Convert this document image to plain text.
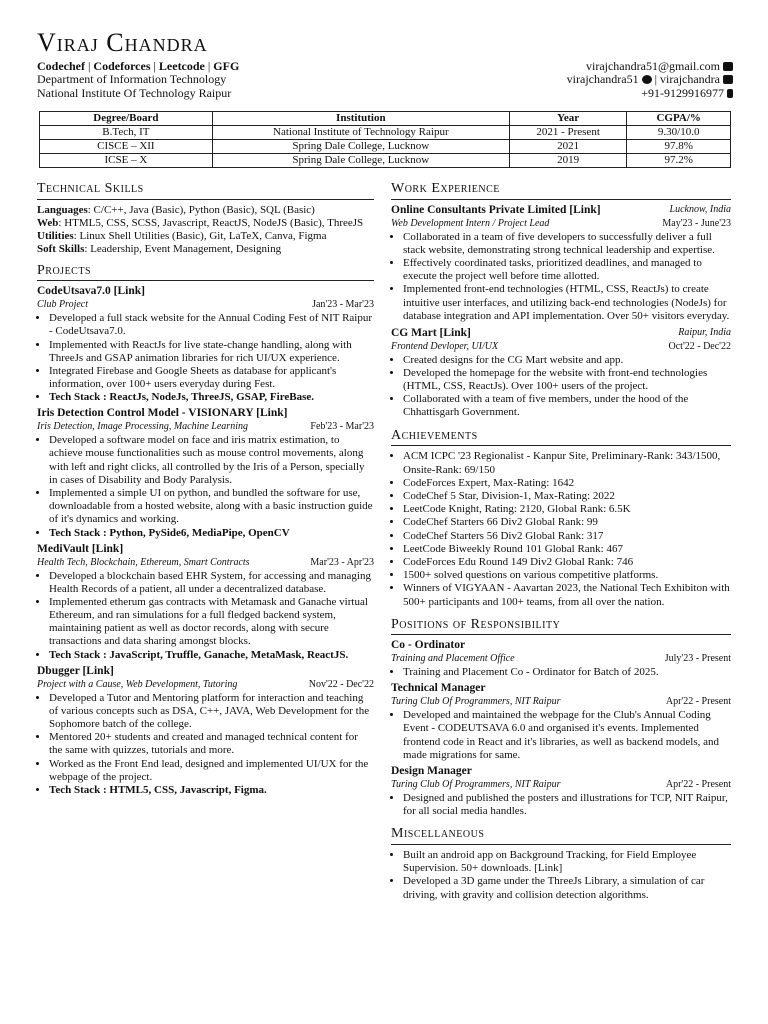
Viraj Chandra
Codechef | Codeforces | Leetcode | GFG
Department of Information Technology
National Institute Of Technology Raipur
virajchandra51@gmail.com
virajchandra51 | virajchandra
+91-9129916977
Degree/Board	Institution	Year	CGPA/%
B.Tech, IT	National Institute of Technology Raipur	2021 - Present	9.30/10.0
CISCE – XII	Spring Dale College, Lucknow	2021	97.8%
ICSE – X	Spring Dale College, Lucknow	2019	97.2%
Technical Skills

Languages: C/C++, Java (Basic), Python (Basic), SQL (Basic)

Web: HTML5, CSS, SCSS, Javascript, ReactJS, NodeJS (Basic), ThreeJS

Utilities: Linux Shell Utilities (Basic), Git, LaTeX, Canva, Figma

Soft Skills: Leadership, Event Management, Designing

Projects
CodeUtsava7.0 [Link]
Club Project	Jan'23 - Mar'23
• Developed a full stack website for the Annual Coding Fest of NIT Raipur - CodeUtsava7.0.
• Implemented with ReactJs for live state-change handling, along with ThreeJs and GSAP animation libraries for rich UI/UX experience.
• Integrated Firebase and Google Sheets as database for applicant's information, over 100+ users everyday during Fest.
• Tech Stack : ReactJs, NodeJs, ThreeJS, GSAP, FireBase.
Iris Detection Control Model - VISIONARY [Link]
Iris Detection, Image Processing, Machine Learning	Feb'23 - Mar'23
• Developed a software model on face and iris matrix estimation, to achieve mouse functionalities such as mouse control movements, along with left and right clicks, all controlled by the Iris of a Person, specially in cases of Disability and Body Paralysis.
• Implemented a simple UI on python, and bundled the software for use, downloadable from a hosted website, along with a basic instruction guide of it's dynamics and working.
• Tech Stack : Python, PySide6, MediaPipe, OpenCV
MediVault [Link]
Health Tech, Blockchain, Ethereum, Smart Contracts	Mar'23 - Apr'23
• Developed a blockchain based EHR System, for accessing and managing Health Records of a patient, all under a decentralized database.
• Implemented etherum gas contracts with Metamask and Ganache virtual Ethereum, and ran simulations for a full fledged backend system, maintaining patient as well as doctor records, along with secure transactions and data sharing amongst blocks.
• Tech Stack : JavaScript, Truffle, Ganache, MetaMask, ReactJS.
Dbugger [Link]
Project with a Cause, Web Development, Tutoring	Nov'22 - Dec'22
• Developed a Tutor and Mentoring platform for interaction and teaching of various concepts such as DSA, C++, JAVA, Web Development for the Sophomore batch of the college.
• Mentored 20+ students and created and managed technical content for the same with quizzes, tutorials and more.
• Worked as the Front End lead, designed and implemented UI/UX for the webpage of the project.
• Tech Stack : HTML5, CSS, Javascript, Figma.
Work Experience
Online Consultants Private Limited [Link]	Lucknow, India
Web Development Intern / Project Lead	May'23 - June'23
• Collaborated in a team of five developers to successfully deliver a full stack website, demonstrating strong technical leadership and expertise.
• Effectively coordinated tasks, prioritized deadlines, and managed to execute the project well before time allotted.
• Implemented front-end technologies (HTML, CSS, ReactJs) to create intuitive user interfaces, and utilizing back-end technologies (NodeJs) for database integration and API implementation. Over 50+ visitors everyday.
CG Mart [Link]	Raipur, India
Frontend Devloper, UI/UX	Oct'22 - Dec'22
• Created designs for the CG Mart website and app.
• Developed the homepage for the website with front-end technologies (HTML, CSS, ReactJs). Over 100+ users of the project.
• Collaborated with a team of five members, under the hood of the Chhattisgarh Government.
Achievements
• ACM ICPC '23 Regionalist - Kanpur Site, Preliminary-Rank: 343/1500, Onsite-Rank: 69/150
• CodeForces Expert, Max-Rating: 1642
• CodeChef 5 Star, Division-1, Max-Rating: 2022
• LeetCode Knight, Rating: 2120, Global Rank: 6.5K
• CodeChef Starters 66 Div2 Global Rank: 99
• CodeChef Starters 56 Div2 Global Rank: 317
• LeetCode Biweekly Round 101 Global Rank: 467
• CodeForces Edu Round 149 Div2 Global Rank: 746
• 1500+ solved questions on various competitive platforms.
• Winners of VIGYAAN - Aavartan 2023, the National Tech Exhibiton with 500+ participants and 100+ teams, from all over the nation.
Positions of Responsibility
Co - Ordinator
Training and Placement Office	July'23 - Present
• Training and Placement Co - Ordinator for Batch of 2025.
Technical Manager
Turing Club Of Programmers, NIT Raipur	Apr'22 - Present
• Developed and maintained the webpage for the Club's Annual Coding Event - CODEUTSAVA 6.0 and organised it's events. Implemented frontend code in React and it's libraries, as well as backend models, and made migrations for same.
Design Manager
Turing Club Of Programmers, NIT Raipur	Apr'22 - Present
• Designed and published the posters and illustrations for TCP, NIT Raipur, for all social media handles.
Miscellaneous
• Built an android app on Background Tracking, for Field Employee Supervision. 50+ downloads. [Link]
• Developed a 3D game under the ThreeJs Library, a simulation of car driving, with gravity and collision detection algorithms.
